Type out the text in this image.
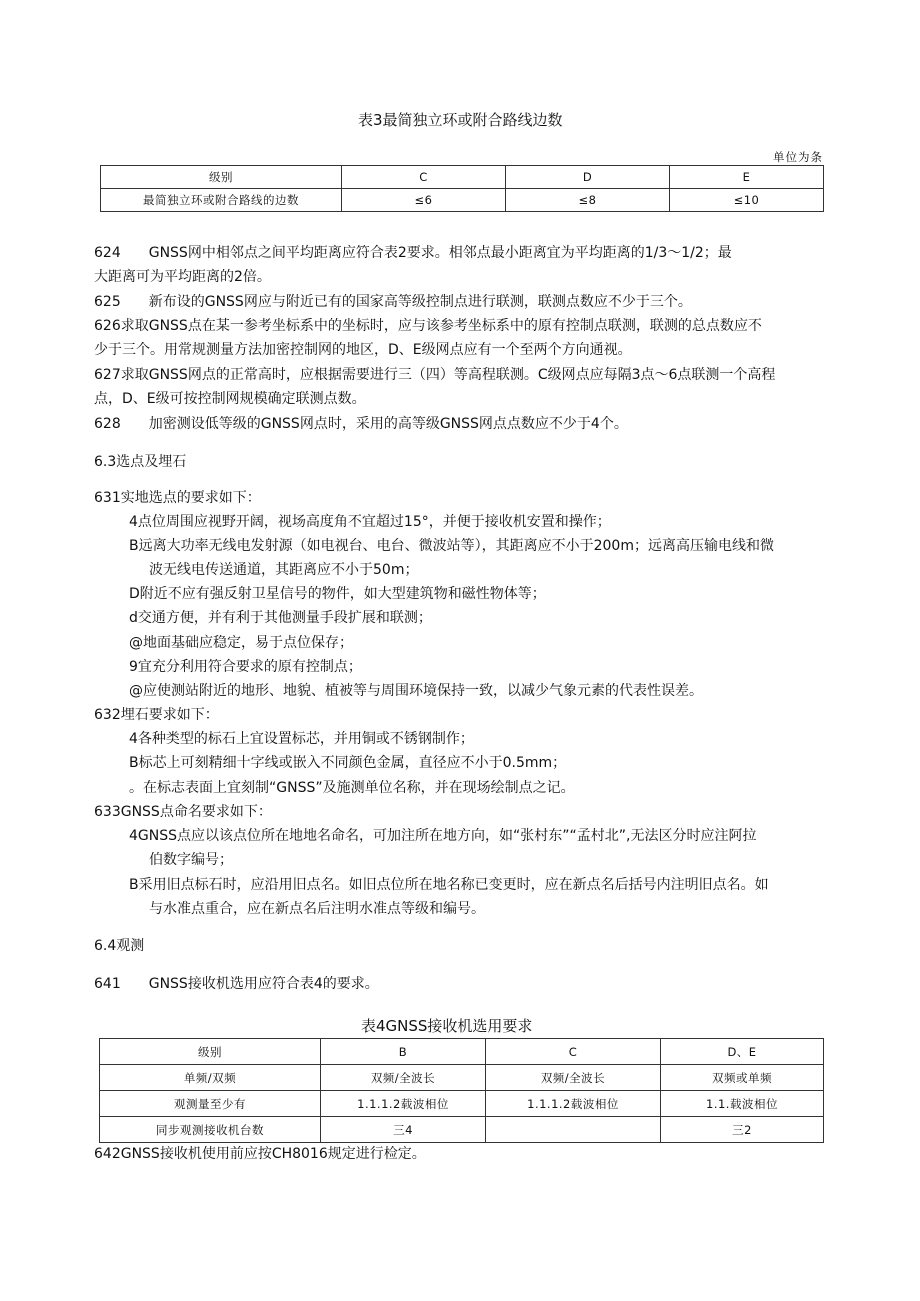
表3最简独立环或附合路线边数
单位为条
级别	C	D	E
最简独立环或附合路线的边数	≤6	≤8	≤10
624　　GNSS网中相邻点之间平均距离应符合表2要求。相邻点最小距离宜为平均距离的1/3～1/2；最
大距离可为平均距离的2倍。
625　　新布设的GNSS网应与附近已有的国家高等级控制点进行联测，联测点数应不少于三个。
626求取GNSS点在某一参考坐标系中的坐标时，应与该参考坐标系中的原有控制点联测，联测的总点数应不
少于三个。用常规测量方法加密控制网的地区，D、E级网点应有一个至两个方向通视。
627求取GNSS网点的正常高时，应根据需要进行三（四）等高程联测。C级网点应每隔3点～6点联测一个高程
点，D、E级可按控制网规模确定联测点数。
628　　加密测设低等级的GNSS网点时，采用的高等级GNSS网点点数应不少于4个。
6.3选点及埋石
631实地选点的要求如下：
4点位周围应视野开阔，视场高度角不宜超过15°，并便于接收机安置和操作；
B远离大功率无线电发射源（如电视台、电台、微波站等），其距离应不小于200m；远离高压输电线和微
波无线电传送通道，其距离应不小于50m；
D附近不应有强反射卫星信号的物件，如大型建筑物和磁性物体等；
d交通方便，并有利于其他测量手段扩展和联测；
@地面基础应稳定，易于点位保存；
9宜充分利用符合要求的原有控制点；
@应使测站附近的地形、地貌、植被等与周围环境保持一致，以减少气象元素的代表性误差。
632埋石要求如下：
4各种类型的标石上宜设置标芯，并用铜或不锈钢制作；
B标芯上可刻精细十字线或嵌入不同颜色金属，直径应不小于0.5mm；
。在标志表面上宜刻制“GNSS”及施测单位名称，并在现场绘制点之记。
633GNSS点命名要求如下：
4GNSS点应以该点位所在地地名命名，可加注所在地方向，如“张村东”“孟村北”,无法区分时应注阿拉
伯数字编号；
B采用旧点标石时，应沿用旧点名。如旧点位所在地名称已变更时，应在新点名后括号内注明旧点名。如
与水准点重合，应在新点名后注明水准点等级和编号。
6.4观测
641　　GNSS接收机选用应符合表4的要求。
表4GNSS接收机选用要求
级别	B	C	D、E
单频/双频	双频/全波长	双频/全波长	双频或单频
观测量至少有	1.1.1.2载波相位	1.1.1.2载波相位	1.1.载波相位
同步观测接收机台数	三4		三2
642GNSS接收机使用前应按CH8016规定进行检定。
